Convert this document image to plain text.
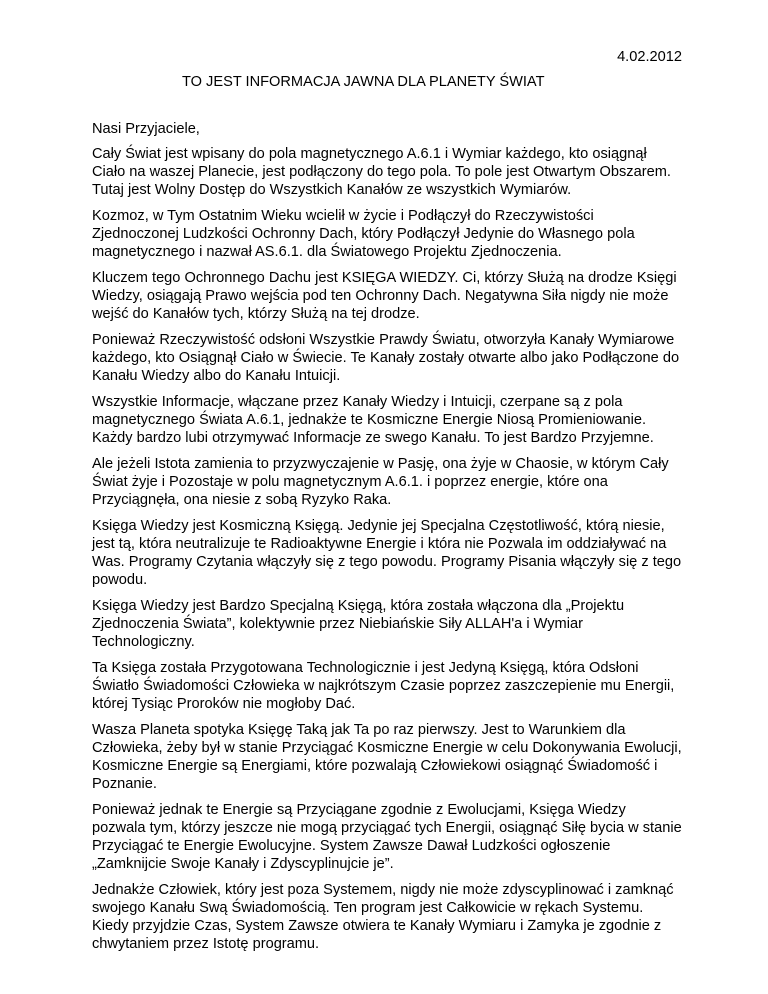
4.02.2012
TO JEST INFORMACJA JAWNA DLA PLANETY ŚWIAT
Nasi Przyjaciele,

Cały Świat jest wpisany do pola magnetycznego A.6.1 i Wymiar każdego, kto osiągnął Ciało na waszej Planecie, jest podłączony do tego pola. To pole jest Otwartym Obszarem. Tutaj jest Wolny Dostęp do Wszystkich Kanałów ze wszystkich Wymiarów.

Kozmoz, w Tym Ostatnim Wieku wcielił w życie i Podłączył do Rzeczywistości Zjednoczonej Ludzkości Ochronny Dach, który Podłączył Jedynie do Własnego pola magnetycznego i nazwał AS.6.1. dla Światowego Projektu Zjednoczenia.

Kluczem tego Ochronnego Dachu jest KSIĘGA WIEDZY. Ci, którzy Służą na drodze Księgi Wiedzy, osiągają Prawo wejścia pod ten Ochronny Dach. Negatywna Siła nigdy nie może wejść do Kanałów tych, którzy Służą na tej drodze.

Ponieważ Rzeczywistość odsłoni Wszystkie Prawdy Światu, otworzyła Kanały Wymiarowe każdego, kto Osiągnął Ciało w Świecie. Te Kanały zostały otwarte albo jako Podłączone do Kanału Wiedzy albo do Kanału Intuicji.

Wszystkie Informacje, włączane przez Kanały Wiedzy i Intuicji, czerpane są z pola magnetycznego Świata A.6.1, jednakże te Kosmiczne Energie Niosą Promieniowanie. Każdy bardzo lubi otrzymywać Informacje ze swego Kanału. To jest Bardzo Przyjemne.

Ale jeżeli Istota zamienia to przyzwyczajenie w Pasję, ona żyje w Chaosie, w którym Cały Świat żyje i Pozostaje w polu magnetycznym A.6.1. i poprzez energie, które ona Przyciągnęła, ona niesie z sobą Ryzyko Raka.

Księga Wiedzy jest Kosmiczną Księgą. Jedynie jej Specjalna Częstotliwość, którą niesie, jest tą, która neutralizuje te Radioaktywne Energie i która nie Pozwala im oddziaływać na Was. Programy Czytania włączyły się z tego powodu. Programy Pisania włączyły się z tego powodu.

Księga Wiedzy jest Bardzo Specjalną Księgą, która została włączona dla „Projektu Zjednoczenia Świata”, kolektywnie przez Niebiańskie Siły ALLAH'a i Wymiar Technologiczny.

Ta Księga została Przygotowana Technologicznie i jest Jedyną Księgą, która Odsłoni Światło Świadomości Człowieka w najkrótszym Czasie poprzez zaszczepienie mu Energii, której Tysiąc Proroków nie mogłoby Dać.

Wasza Planeta spotyka Księgę Taką jak Ta po raz pierwszy. Jest to Warunkiem dla Człowieka, żeby był w stanie Przyciągać Kosmiczne Energie w celu Dokonywania Ewolucji, Kosmiczne Energie są Energiami, które pozwalają Człowiekowi osiągnąć Świadomość i Poznanie.

Ponieważ jednak te Energie są Przyciągane zgodnie z Ewolucjami, Księga Wiedzy pozwala tym, którzy jeszcze nie mogą przyciągać tych Energii, osiągnąć Siłę bycia w stanie Przyciągać te Energie Ewolucyjne. System Zawsze Dawał Ludzkości ogłoszenie „Zamknijcie Swoje Kanały i Zdyscyplinujcie je”.

Jednakże Człowiek, który jest poza Systemem, nigdy nie może zdyscyplinować i zamknąć swojego Kanału Swą Świadomością. Ten program jest Całkowicie w rękach Systemu. Kiedy przyjdzie Czas, System Zawsze otwiera te Kanały Wymiaru i Zamyka je zgodnie z chwytaniem przez Istotę programu.
